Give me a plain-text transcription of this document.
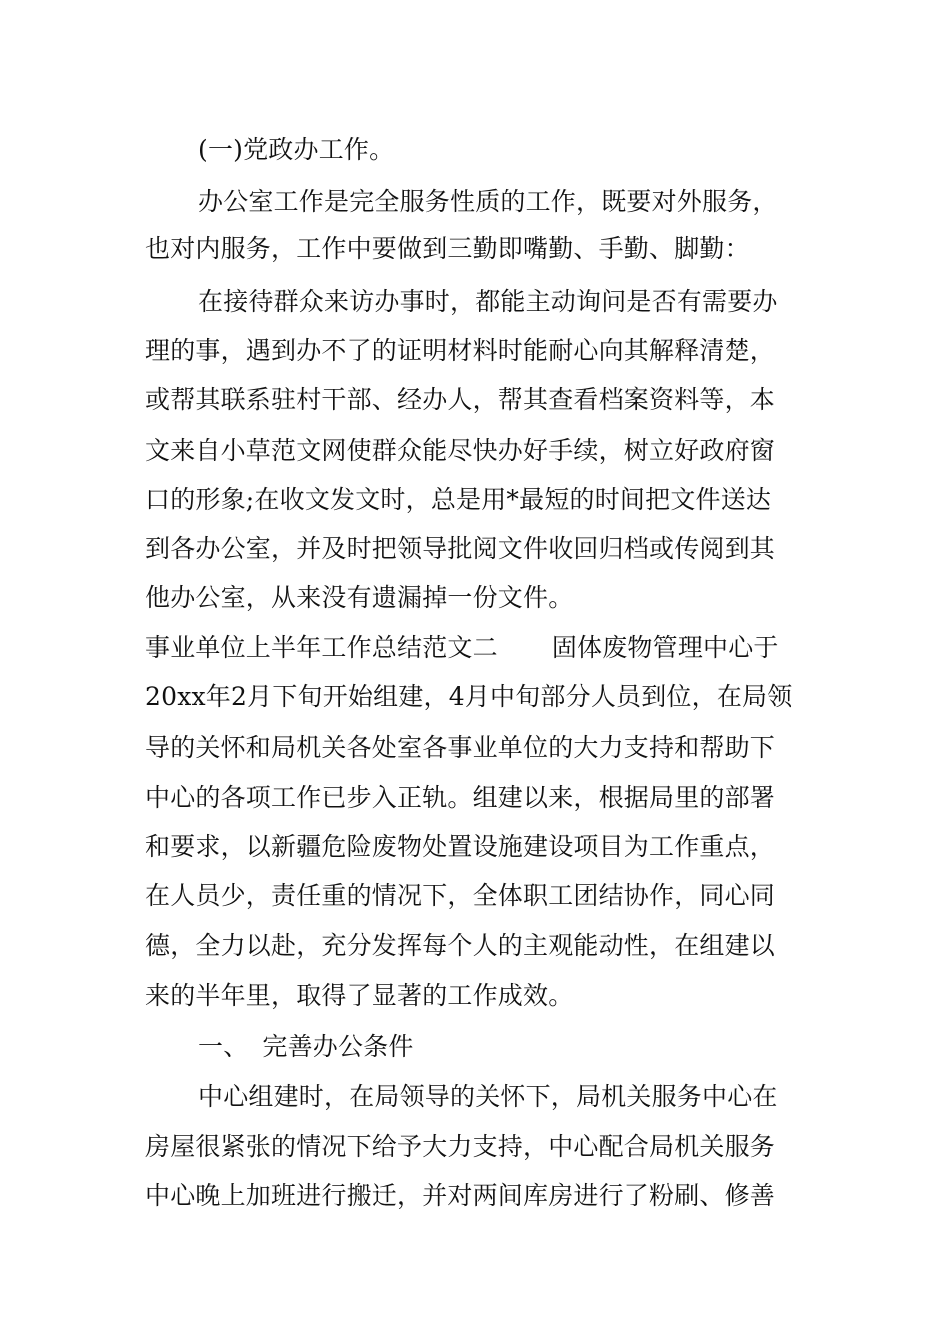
(一)党政办工作。
办公室工作是完全服务性质的工作，既要对外服务，
也对内服务，工作中要做到三勤即嘴勤、手勤、脚勤：
在接待群众来访办事时，都能主动询问是否有需要办
理的事，遇到办不了的证明材料时能耐心向其解释清楚，
或帮其联系驻村干部、经办人，帮其查看档案资料等，本
文来自小草范文网使群众能尽快办好手续，树立好政府窗
口的形象;在收文发文时，总是用*最短的时间把文件送达
到各办公室，并及时把领导批阅文件收回归档或传阅到其
他办公室，从来没有遗漏掉一份文件。
事业单位上半年工作总结范文二 固体废物管理中心于
20xx年2月下旬开始组建，4月中旬部分人员到位，在局领
导的关怀和局机关各处室各事业单位的大力支持和帮助下
中心的各项工作已步入正轨。组建以来，根据局里的部署
和要求，以新疆危险废物处置设施建设项目为工作重点，
在人员少，责任重的情况下，全体职工团结协作，同心同
德，全力以赴，充分发挥每个人的主观能动性，在组建以
来的半年里，取得了显著的工作成效。
一、 完善办公条件
中心组建时，在局领导的关怀下，局机关服务中心在
房屋很紧张的情况下给予大力支持，中心配合局机关服务
中心晚上加班进行搬迁，并对两间库房进行了粉刷、修善
